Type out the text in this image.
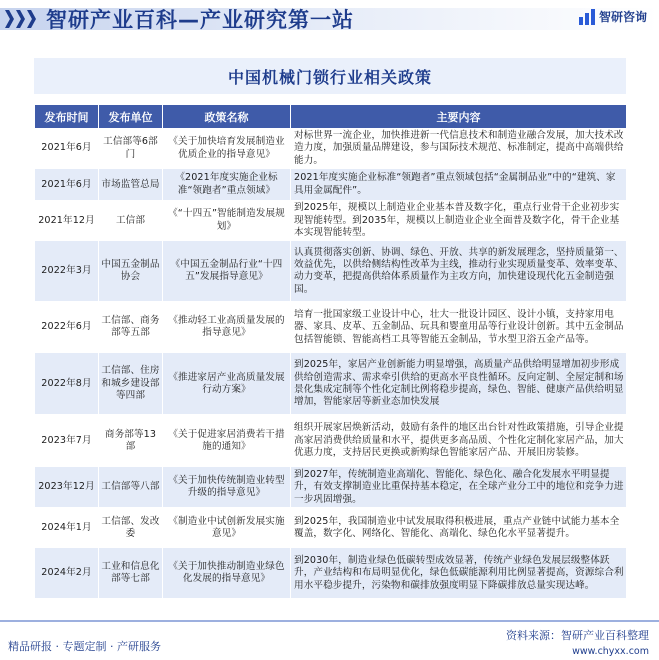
智研产业百科—产业研究第一站	智研咨询
中国机械门锁行业相关政策
发布时间	发布单位	政策名称	主要内容
2021年6月	工信部等6部门	《关于加快培育发展制造业优质企业的指导意见》	对标世界一流企业，加快推进新一代信息技术和制造业融合发展，加大技术改造力度，加强质量品牌建设，参与国际技术规范、标准制定，提高中高端供给能力。
2021年6月	市场监管总局	《2021年度实施企业标准“领跑者”重点领域》	2021年度实施企业标准“领跑者”重点领域包括“金属制品业”中的“建筑、家具用金属配件”。
2021年12月	工信部	《“十四五”智能制造发展规划》	到2025年，规模以上制造业企业基本普及数字化，重点行业骨干企业初步实现智能转型。到2035年，规模以上制造业企业全面普及数字化，骨干企业基本实现智能转型。
2022年3月	中国五金制品协会	《中国五金制品行业“十四五”发展指导意见》	认真贯彻落实创新、协调、绿色、开放、共享的新发展理念，坚持质量第一、效益优先，以供给侧结构性改革为主线，推动行业实现质量变革、效率变革、动力变革，把提高供给体系质量作为主攻方向，加快建设现代化五金制造强国。
2022年6月	工信部、商务部等五部	《推动轻工业高质量发展的指导意见》	培育一批国家级工业设计中心，壮大一批设计园区、设计小镇，支持家用电器、家具、皮革、五金制品、玩具和婴童用品等行业设计创新。其中五金制品包括智能锁、智能高档工具等智能五金制品，节水型卫浴五金产品等。
2022年8月	工信部、住房和城乡建设部等四部	《推进家居产业高质量发展行动方案》	到2025年，家居产业创新能力明显增强，高质量产品供给明显增加初步形成供给创造需求、需求牵引供给的更高水平良性循环。反向定制、全屋定制和场景化集成定制等个性化定制比例将稳步提高，绿色、智能、健康产品供给明显增加，智能家居等新业态加快发展
2023年7月	商务部等13部	《关于促进家居消费若干措施的通知》	组织开展家居焕新活动，鼓励有条件的地区出台针对性政策措施，引导企业提高家居消费供给质量和水平，提供更多高品质、个性化定制化家居产品，加大优惠力度，支持居民更换或新购绿色智能家居产品、开展旧房装修。
2023年12月	工信部等八部	《关于加快传统制造业转型升级的指导意见》	到2027年，传统制造业高端化、智能化、绿色化、融合化发展水平明显提升，有效支撑制造业比重保持基本稳定，在全球产业分工中的地位和竞争力进一步巩固增强。
2024年1月	工信部、发改委	《制造业中试创新发展实施意见》	到2025年，我国制造业中试发展取得积极进展，重点产业链中试能力基本全覆盖，数字化、网络化、智能化、高端化、绿色化水平显著提升。
2024年2月	工业和信息化部等七部	《关于加快推动制造业绿色化发展的指导意见》	到2030年，制造业绿色低碳转型成效显著，传统产业绿色发展层级整体跃升，产业结构和布局明显优化，绿色低碳能源利用比例显著提高，资源综合利用水平稳步提升，污染物和碳排放强度明显下降碳排放总量实现达峰。
精品研报 · 专题定制 · 产研服务
资料来源：智研产业百科整理
www.chyxx.com
